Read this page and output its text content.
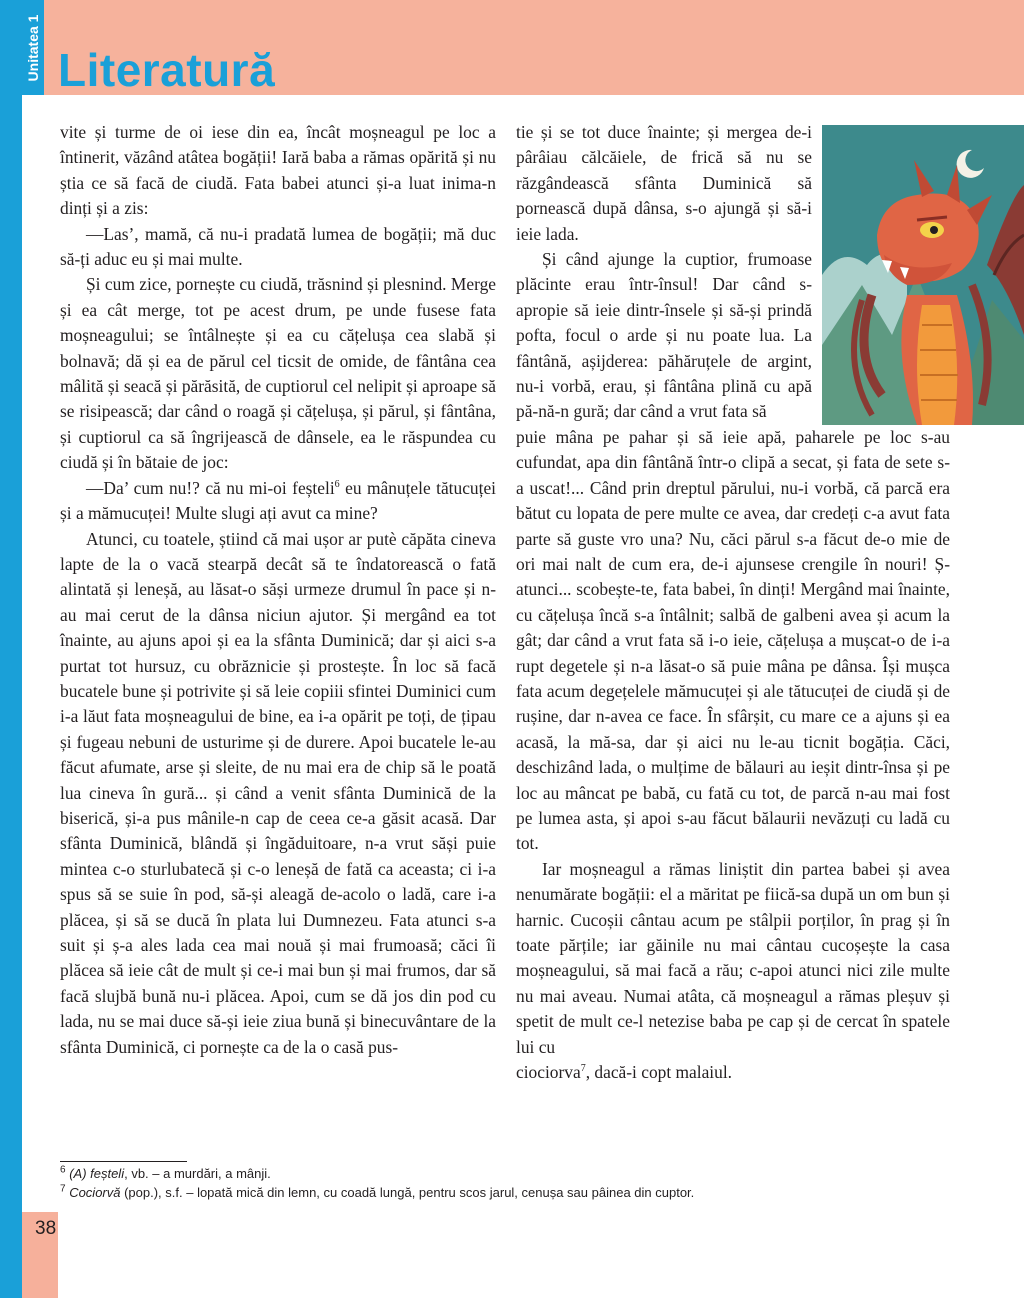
Unitatea 1 Literatură

vite și turme de oi iese din ea, încât moșneagul pe loc a întinerit, văzând atâtea bogății! Iară baba a rămas opărită și nu știa ce să facă de ciudă. Fata babei atunci și-a luat inima-n dinți și a zis:

—Las’, mamă, că nu-i pradată lumea de bogății; mă duc să-ți aduc eu și mai multe.

Și cum zice, pornește cu ciudă, trăsnind și plesnind. Merge și ea cât merge, tot pe acest drum, pe unde fusese fata moșneagului; se întâlnește și ea cu cățelușa cea slabă și bolnavă; dă și ea de părul cel ticsit de omide, de fântâna cea mâlită și seacă și părăsită, de cuptiorul cel nelipit și aproape să se risipească; dar când o roagă și cățelușa, și părul, și fântâna, și cuptiorul ca să îngrijească de dânsele, ea le răspundea cu ciudă și în bătaie de joc:

—Da’ cum nu!? că nu mi-oi feșteli$^6$ eu mânuțele tătucuței și a mămucuței! Multe slugi ați avut ca mine?

Atunci, cu toatele, știind că mai ușor ar putè căpăta cineva lapte de la o vacă stearpă decât să te îndatorească o fată alintată și leneșă, au lăsat-o săși urmeze drumul în pace și n-au mai cerut de la dânsa niciun ajutor. Și mergând ea tot înainte, au ajuns apoi și ea la sfânta Duminică; dar și aici s-a purtat tot hursuz, cu obrăznicie și prostește. În loc să facă bucatele bune și potrivite și să leie copiii sfintei Duminici cum i-a lăut fata moșneagului de bine, ea i-a opărit pe toți, de țipau și fugeau nebuni de usturime și de durere. Apoi bucatele le-au făcut afumate, arse și sleite, de nu mai era de chip să le poată lua cineva în gură... și când a venit sfânta Duminică de la biserică, și-a pus mânile-n cap de ceea ce-a găsit acasă. Dar sfânta Duminică, blândă și îngăduitoare, n-a vrut săși puie mintea c-o sturlubatecă și c-o leneșă de fată ca aceasta; ci i-a spus să se suie în pod, să-și aleagă de-acolo o ladă, care i-a plăcea, și să se ducă în plata lui Dumnezeu. Fata atunci s-a suit și ș-a ales lada cea mai nouă și mai frumoasă; căci îi plăcea să ieie cât de mult și ce-i mai bun și mai frumos, dar să facă slujbă bună nu-i plăcea. Apoi, cum se dă jos din pod cu lada, nu se mai duce să-și ieie ziua bună și binecuvântare de la sfânta Duminică, ci pornește ca de la o casă pus-

tie și se tot duce înainte; și mergea de-i pârâiau călcăiele, de frică să nu se răzgândească sfânta Duminică să pornească după dânsa, s-o ajungă și să-i ieie lada.

Și când ajunge la cuptior, frumoase plăcinte erau într-însul! Dar când s-apropie să ieie dintr-însele și să-și prindă pofta, focul o arde și nu poate lua. La fântână, așijderea: păhăruțele de argint, nu-i vorbă, erau, și fântâna plină cu apă pă-nă-n gură; dar când a vrut fata să

puie mâna pe pahar și să ieie apă, paharele pe loc s-au cufundat, apa din fântână într-o clipă a secat, și fata de sete s-a uscat!... Când prin dreptul părului, nu-i vorbă, că parcă era bătut cu lopata de pere multe ce avea, dar credeți c-a avut fata parte să guste vro una? Nu, căci părul s-a făcut de-o mie de ori mai nalt de cum era, de-i ajunsese crengile în nouri! Ș-atunci... scobește-te, fata babei, în dinți! Mergând mai înainte, cu cățelușa încă s-a întâlnit; salbă de galbeni avea și acum la gât; dar când a vrut fata să i-o ieie, cățelușa a mușcat-o de i-a rupt degetele și n-a lăsat-o să puie mâna pe dânsa. Își mușca fata acum degețelele mămucuței și ale tătucuței de ciudă și de rușine, dar n-avea ce face. În sfârșit, cu mare ce a ajuns și ea acasă, la mă-sa, dar și aici nu le-au ticnit bogăția. Căci, deschizând lada, o mulțime de bălauri au ieșit dintr-însa și pe loc au mâncat pe babă, cu fată cu tot, de parcă n-au mai fost pe lumea asta, și apoi s-au făcut bălaurii nevăzuți cu ladă cu tot.

Iar moșneagul a rămas liniștit din partea babei și avea nenumărate bogății: el a măritat pe fiică-sa după un om bun și harnic. Cucoșii cântau acum pe stâlpii porților, în prag și în toate părțile; iar găinile nu mai cântau cucoșește la casa moșneagului, să mai facă a rău; c-apoi atunci nici zile multe nu mai aveau. Numai atâta, că moșneagul a rămas pleșuv și spetit de mult ce-l netezise baba pe cap și de cercat în spatele lui cu

ciociorva$^7$, dacă-i copt malaiul.

$^6$ (A) feșteli, vb. – a murdări, a mânji.
$^7$ Cociorvă (pop.), s.f. – lopată mică din lemn, cu coadă lungă, pentru scos jarul, cenușa sau pâinea din cuptor.
38
